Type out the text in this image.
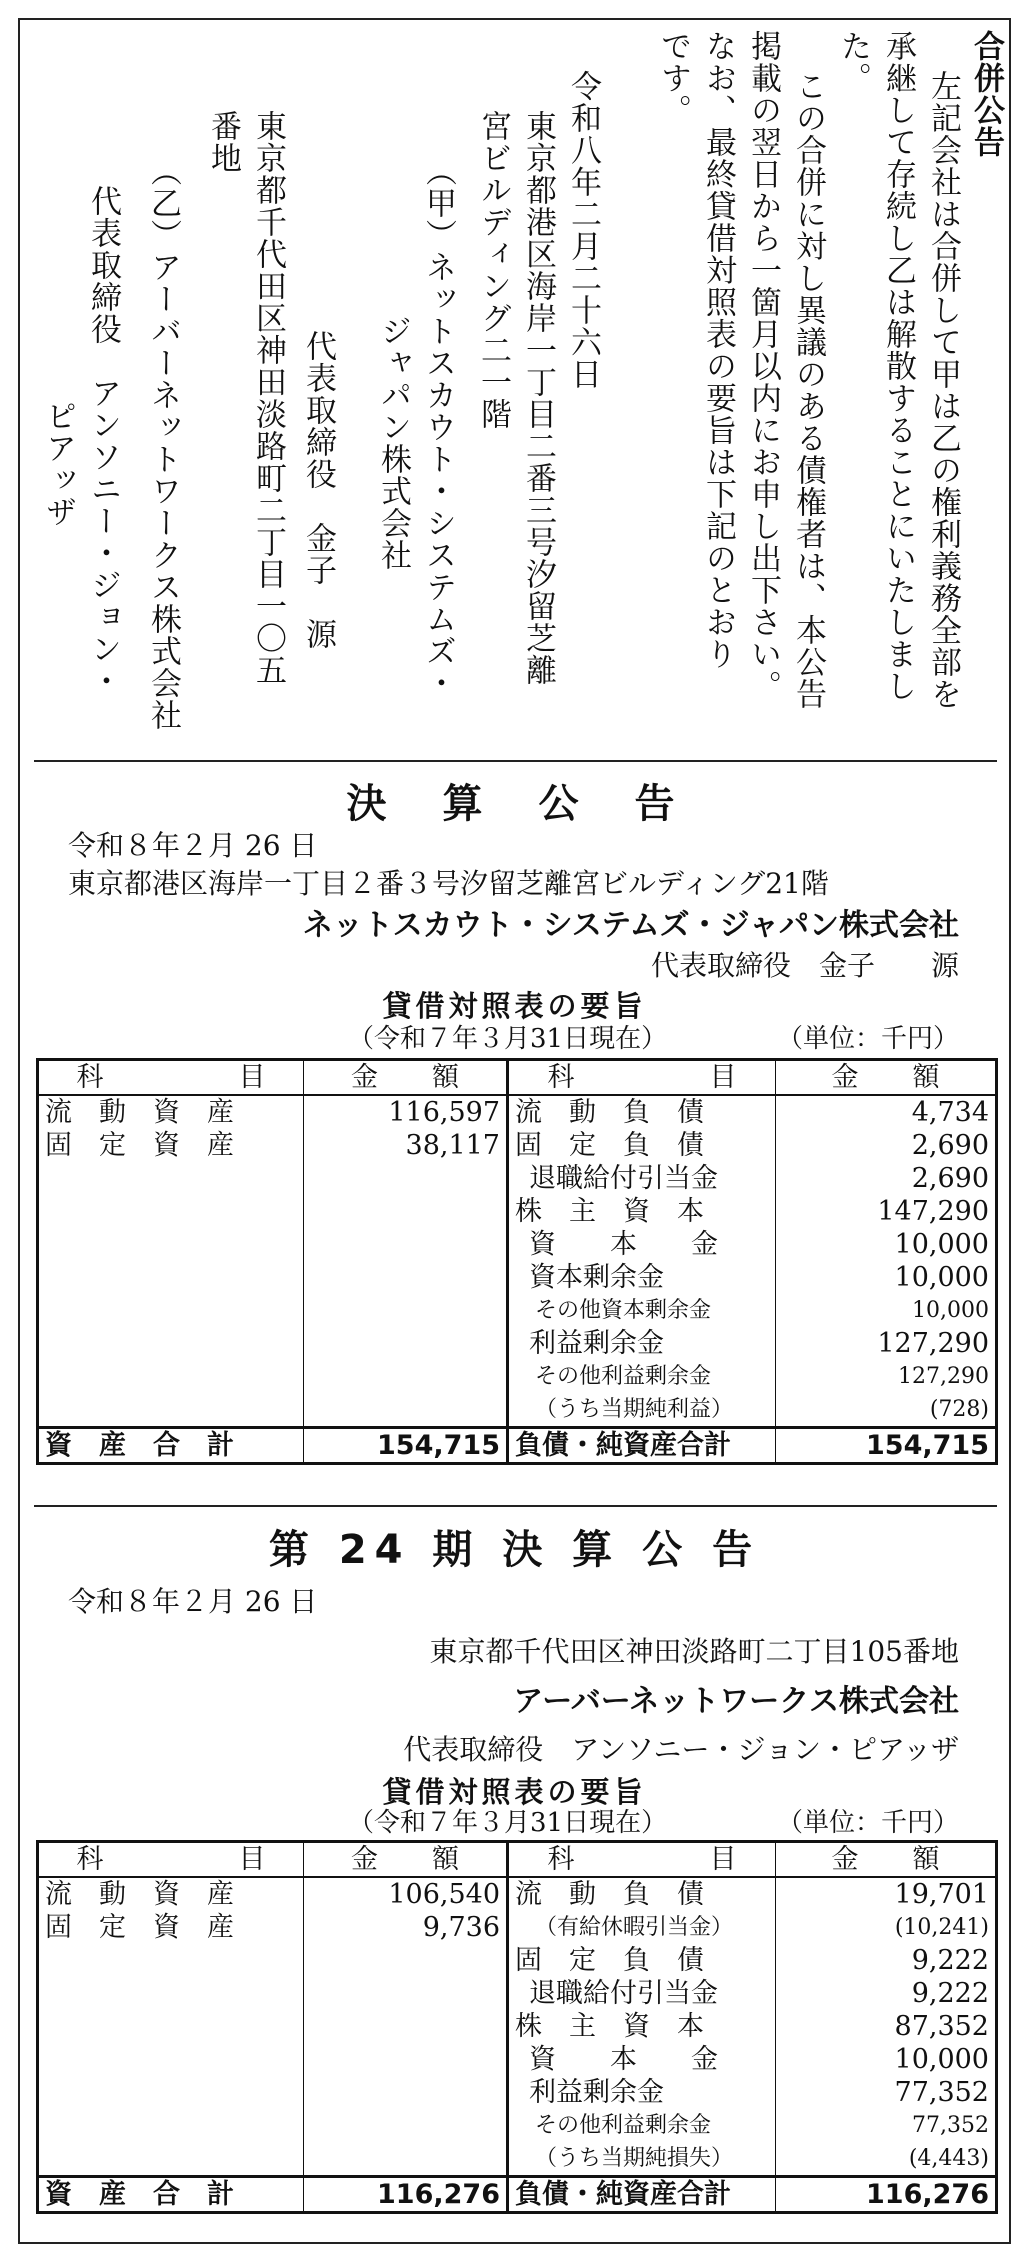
合併公告
左記会社は合併して甲は乙の権利義務全部を
承継して存続し乙は解散することにいたしまし
た。
この合併に対し異議のある債権者は、本公告
掲載の翌日から一箇月以内にお申し出下さい。
なお、最終貸借対照表の要旨は下記のとおり
です。
令和八年二月二十六日
東京都港区海岸一丁目二番三号汐留芝離
宮ビルディング二一階
（甲）ネットスカウト・システムズ・
ジャパン株式会社
代表取締役　金子　源
東京都千代田区神田淡路町二丁目一〇五
番地
（乙）アーバーネットワークス株式会社
代表取締役　アンソニー・ジョン・
ピアッザ
決　算　公　告
令和８年２月 26 日
東京都港区海岸一丁目２番３号汐留芝離宮ビルディング21階
ネットスカウト・システムズ・ジャパン株式会社
代表取締役　金子　　源
貸借対照表の要旨
（令和７年３月31日現在）	（単位：千円）
科　　　　　目	金　　額	科　　　　　目	金　　額
流　動　資　産	116,597	流　動　負　債	4,734
固　定　資　産	38,117	固　定　負　債	2,690
		退職給付引当金	2,690
		株　主　資　本	147,290
		資　　本　　金	10,000
		資本剰余金	10,000
		その他資本剰余金	10,000
		利益剰余金	127,290
		その他利益剰余金	127,290
		（うち当期純利益）	(728)
資　産　合　計	154,715	負債・純資産合計	154,715
第 24 期 決 算 公 告
令和８年２月 26 日
東京都千代田区神田淡路町二丁目105番地
アーバーネットワークス株式会社
代表取締役　アンソニー・ジョン・ピアッザ
貸借対照表の要旨
（令和７年３月31日現在）	（単位：千円）
科　　　　　目	金　　額	科　　　　　目	金　　額
流　動　資　産	106,540	流　動　負　債	19,701
固　定　資　産	9,736	（有給休暇引当金）	(10,241)
		固　定　負　債	9,222
		退職給付引当金	9,222
		株　主　資　本	87,352
		資　　本　　金	10,000
		利益剰余金	77,352
		その他利益剰余金	77,352
		（うち当期純損失）	(4,443)
資　産　合　計	116,276	負債・純資産合計	116,276
